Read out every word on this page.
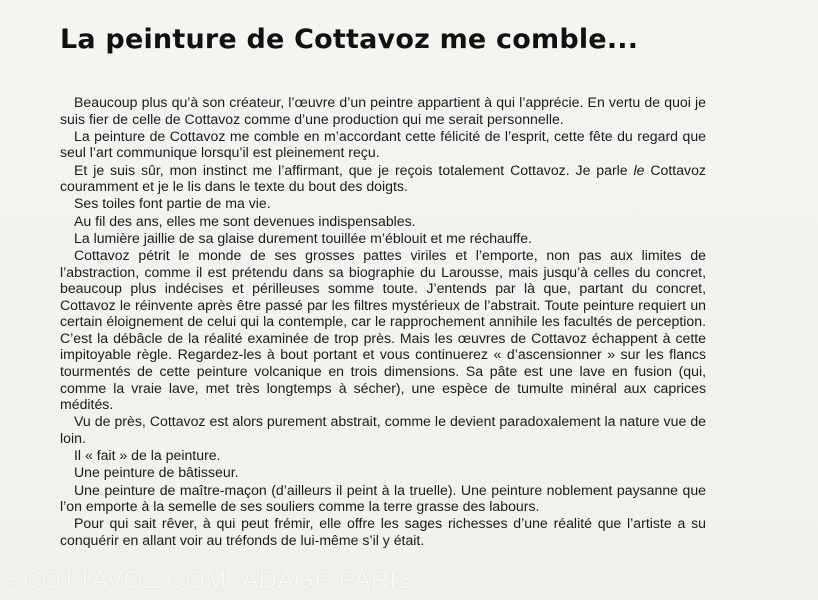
La peinture de Cottavoz me comble...

Beaucoup plus qu’à son créateur, l’œuvre d’un peintre appartient à qui l’apprécie. En vertu de quoi je suis fier de celle de Cottavoz comme d’une production qui me serait personnelle.

La peinture de Cottavoz me comble en m’accordant cette félicité de l’esprit, cette fête du regard que seul l’art communique lorsqu’il est pleinement reçu.

Et je suis sûr, mon instinct me l’affirmant, que je reçois totalement Cottavoz. Je parle le Cottavoz couramment et je le lis dans le texte du bout des doigts.

Ses toiles font partie de ma vie.

Au fil des ans, elles me sont devenues indispensables.

La lumière jaillie de sa glaise durement touillée m’éblouit et me réchauffe.

Cottavoz pétrit le monde de ses grosses pattes viriles et l’emporte, non pas aux limites de l’abstraction, comme il est prétendu dans sa biographie du Larousse, mais jusqu’à celles du concret, beaucoup plus indécises et périlleuses somme toute. J’entends par là que, partant du concret, Cottavoz le réinvente après être passé par les filtres mystérieux de l’abstrait. Toute peinture requiert un certain éloignement de celui qui la contemple, car le rapprochement annihile les facultés de perception. C’est la débâcle de la réalité examinée de trop près. Mais les œuvres de Cottavoz échappent à cette impitoyable règle. Regardez-les à bout portant et vous continuerez « d’ascensionner » sur les flancs tourmentés de cette peinture volcanique en trois dimensions. Sa pâte est une lave en fusion (qui, comme la vraie lave, met très longtemps à sécher), une espèce de tumulte minéral aux caprices médités.

Vu de près, Cottavoz est alors purement abstrait, comme le devient paradoxalement la nature vue de loin.

Il « fait » de la peinture.

Une peinture de bâtisseur.

Une peinture de maître-maçon (d’ailleurs il peint à la truelle). Une peinture noblement paysanne que l’on emporte à la semelle de ses souliers comme la terre grasse des labours.

Pour qui sait rêver, à qui peut frémir, elle offre les sages richesses d’une réalité que l’artiste a su conquérir en allant voir au tréfonds de lui-même s’il y était.

©COTTAVOZ.COM- ADAGP PARIS
